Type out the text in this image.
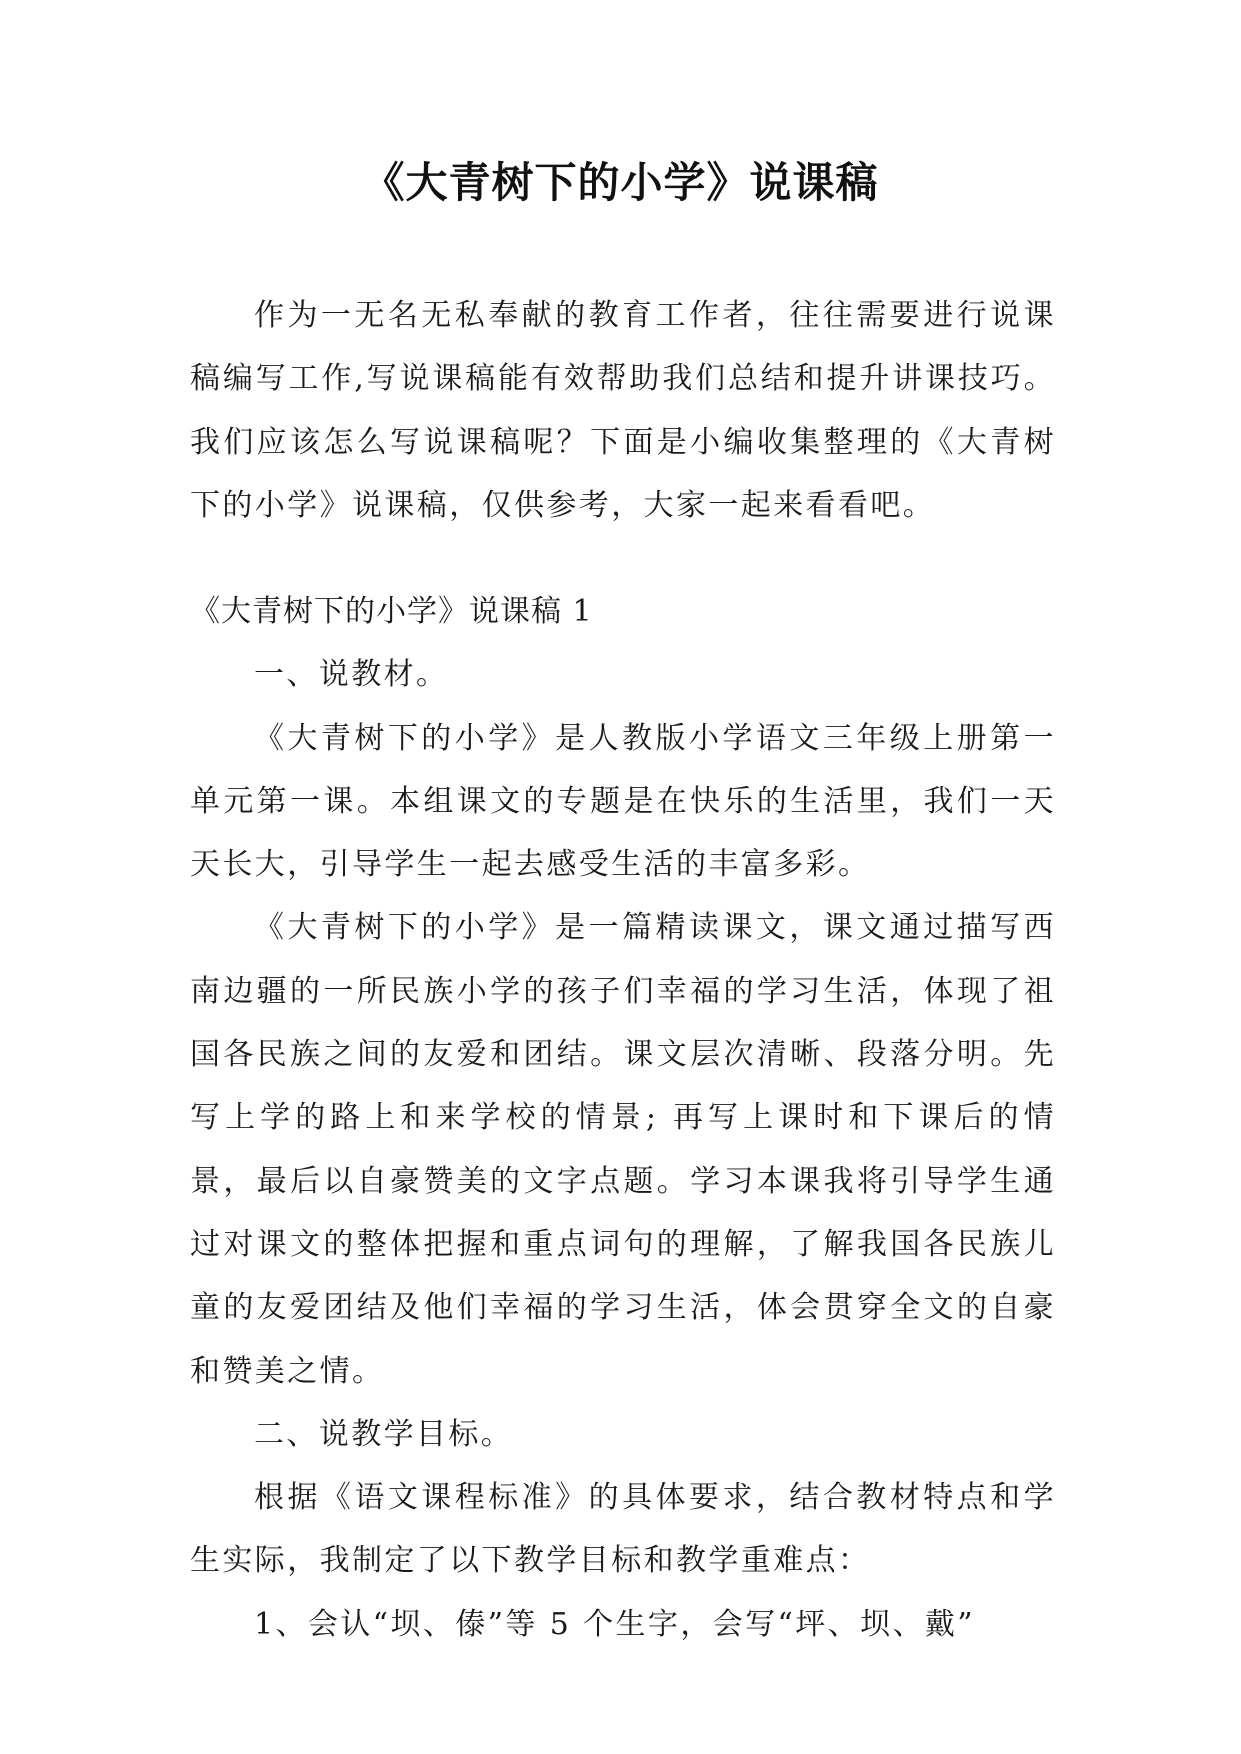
《大青树下的小学》说课稿

作为一无名无私奉献的教育工作者，往往需要进行说课稿编写工作,写说课稿能有效帮助我们总结和提升讲课技巧。我们应该怎么写说课稿呢？下面是小编收集整理的《大青树下的小学》说课稿，仅供参考，大家一起来看看吧。

《大青树下的小学》说课稿 1

一、说教材。

《大青树下的小学》是人教版小学语文三年级上册第一单元第一课。本组课文的专题是在快乐的生活里，我们一天天长大，引导学生一起去感受生活的丰富多彩。

《大青树下的小学》是一篇精读课文，课文通过描写西南边疆的一所民族小学的孩子们幸福的学习生活，体现了祖国各民族之间的友爱和团结。课文层次清晰、段落分明。先写上学的路上和来学校的情景; 再写上课时和下课后的情景，最后以自豪赞美的文字点题。学习本课我将引导学生通过对课文的整体把握和重点词句的理解，了解我国各民族儿童的友爱团结及他们幸福的学习生活，体会贯穿全文的自豪和赞美之情。

二、说教学目标。

根据《语文课程标准》的具体要求，结合教材特点和学生实际，我制定了以下教学目标和教学重难点：

1、会认“坝、傣”等 5 个生字，会写“坪、坝、戴”
